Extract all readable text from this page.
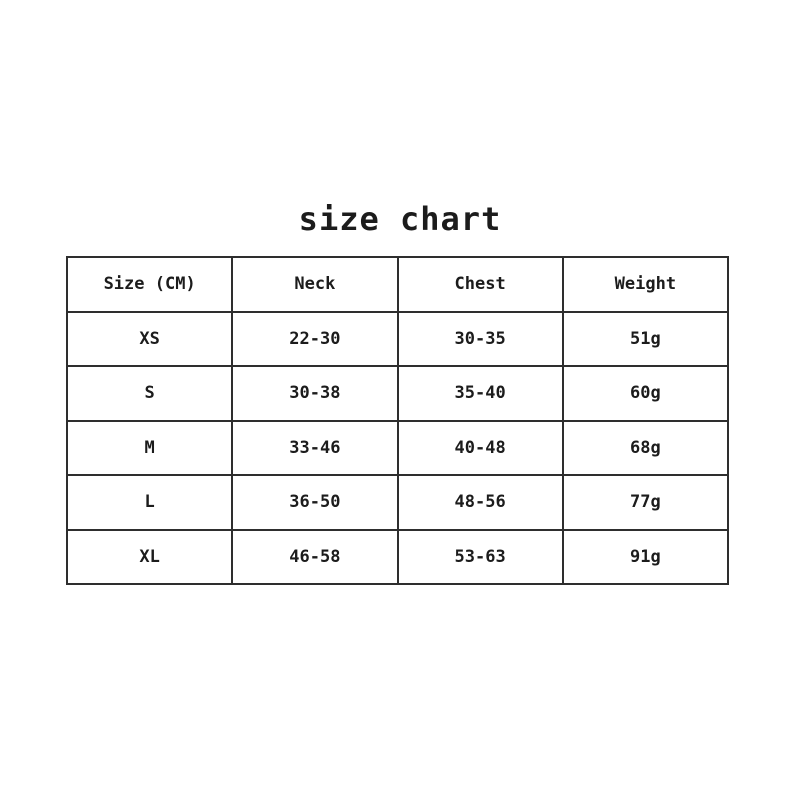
size chart
Size (CM)	Neck	Chest	Weight
XS	22-30	30-35	51g
S	30-38	35-40	60g
M	33-46	40-48	68g
L	36-50	48-56	77g
XL	46-58	53-63	91g
